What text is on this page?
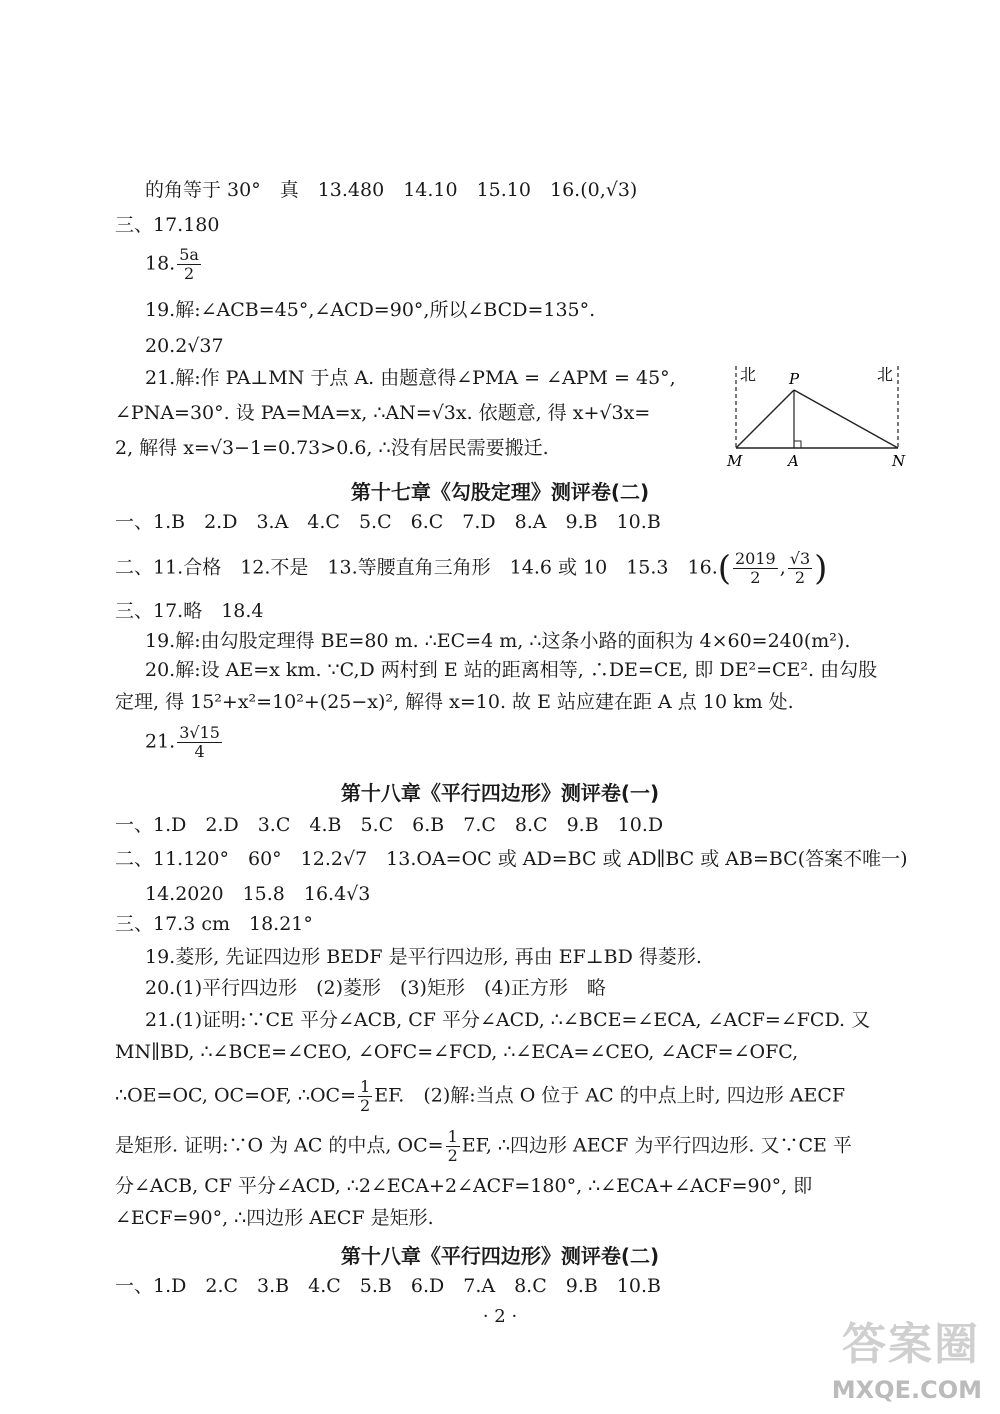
的角等于 30°　真　13.480　14.10　15.10　16.(0,√3)
三、17.180
18. $\frac{5a}{2}$
19.解:∠ACB=45°,∠ACD=90°,所以∠BCD=135°.
20.2√37
21.解:作 PA⊥MN 于点 A. 由题意得∠PMA = ∠APM = 45°,
∠PNA=30°. 设 PA=MA=x, ∴AN=√3x. 依题意, 得 x+√3x=
2, 解得 x=√3−1=0.73>0.6, ∴没有居民需要搬迁.
北	北
P
M	A	N
第十七章《勾股定理》测评卷(二)
一、1.B　2.D　3.A　4.C　5.C　6.C　7.D　8.A　9.B　10.B
二、11.合格　12.不是　13.等腰直角三角形　14.6 或 10　15.3　$16.( \frac{2019}{2}$ , $\frac{√3}{2}$ )
三、17.略　18.4
19.解:由勾股定理得 BE=80 m. ∴EC=4 m, ∴这条小路的面积为 4×60=240(m²).
20.解:设 AE=x km. ∵C,D 两村到 E 站的距离相等, ∴DE=CE, 即 DE²=CE². 由勾股
定理, 得 15²+x²=10²+(25−x)², 解得 x=10. 故 E 站应建在距 A 点 10 km 处.
21. $\frac{3√15}{4}$
第十八章《平行四边形》测评卷(一)
一、1.D　2.D　3.C　4.B　5.C　6.B　7.C　8.C　9.B　10.D
二、11.120°　60°　12.2√7　13.OA=OC 或 AD=BC 或 AD∥BC 或 AB=BC(答案不唯一)
14.2020　15.8　16.4√3
三、17.3 cm　18.21°
19.菱形, 先证四边形 BEDF 是平行四边形, 再由 EF⊥BD 得菱形.
20.(1)平行四边形　(2)菱形　(3)矩形　(4)正方形　略
21.(1)证明:∵CE 平分∠ACB, CF 平分∠ACD, ∴∠BCE=∠ECA, ∠ACF=∠FCD. 又
MN∥BD, ∴∠BCE=∠CEO, ∠OFC=∠FCD, ∴∠ECA=∠CEO, ∠ACF=∠OFC,
∴OE=OC, OC=OF, ∴OC= $\frac{1}{2}$ EF.　(2)解:当点 O 位于 AC 的中点上时, 四边形 AECF
是矩形. 证明:∵O 为 AC 的中点, $OC= \frac{1}{2}$ EF, ∴四边形 AECF 为平行四边形. 又∵CE 平
分∠ACB, CF 平分∠ACD, ∴2∠ECA+2∠ACF=180°, ∴∠ECA+∠ACF=90°, 即
∠ECF=90°, ∴四边形 AECF 是矩形.
第十八章《平行四边形》测评卷(二)
一、1.D　2.C　3.B　4.C　5.B　6.D　7.A　8.C　9.B　10.B
· 2 ·
答案圈
MXQE.COM
